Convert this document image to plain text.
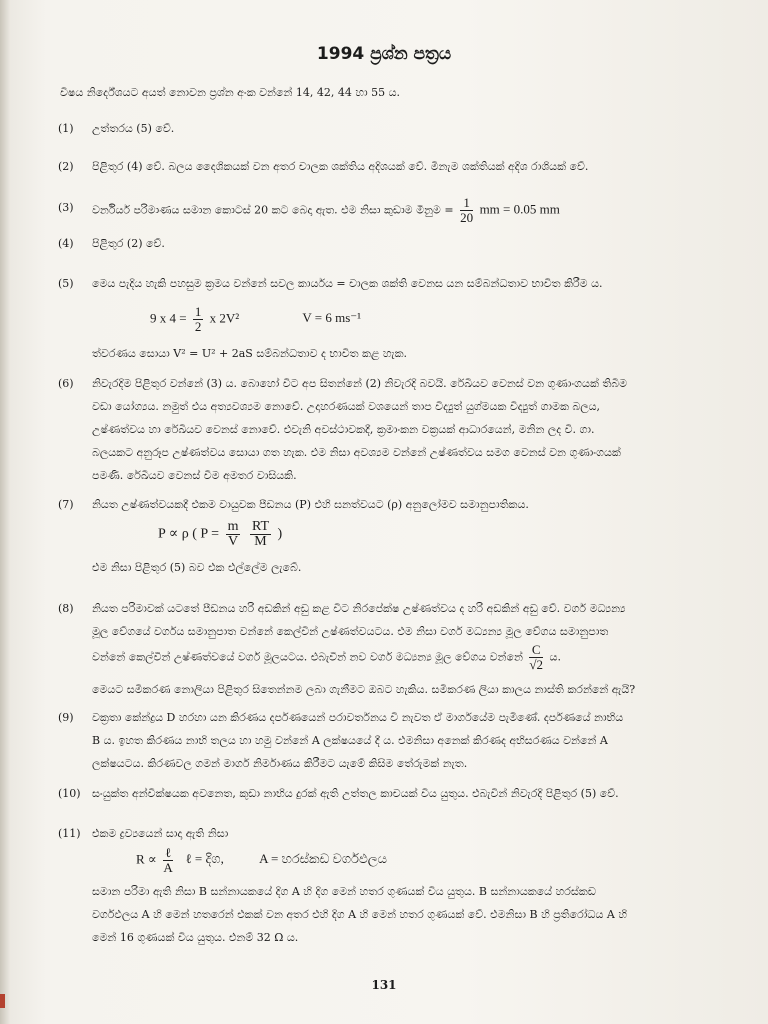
1994 ප්‍රශ්න පත්‍රය
විෂය නිර්දේශයට අයත් නොවන ප්‍රශ්න අංක වන්නේ 14, 42, 44 හා 55 ය.
(1)	උත්තරය (5) වේ.
(2)	පිළිතුර (4) වේ. බලය දෛශිකයක් වන අතර චාලක ශක්තිය අදිශයක් වේ. මීනැම ශක්තියක් අදිශ රාශියක් වේ.
(3)	වර්නියර් පරිමාණය සමාන කොටස් 20 කට බෙදා ඇත. එම නිසා කුඩාම මිනුම = $\frac{1}{20}$ mm = 0.05 mm
(4)	පිළිතුර (2) වේ.
(5)	මෙය පැදිය හැකි පහසුම ක්‍රමය වන්නේ සවල කාර්යය = චාලක ශක්ති වෙනස යන සම්බන්ධතාව භාවිත කිරීම ය.
9 x $4 = \frac{1}{2}$ x 2V²	V = 6 ms⁻¹
ත්වරණය සොයා V² = U² + 2aS සම්බන්ධතාව ද භාවිත කළ හැක.
(6)	නිවැරදිම පිළිතුර වන්නේ (3) ය. බොහෝ විට අප සිතන්නේ (2) නිවැරදි බවයි. රේඛීයව වෙනස් වන ගුණාංගයක් තිබීම
වඩා යෝග්‍යය. නමුත් එය අත්‍යවශ්‍යම නොවේ. උදාහරණයක් වශයෙන් තාප විද්‍යුත් යුග්මයක විද්‍යුත් ගාමක බලය,
උෂ්ණත්වය හා රේඛීයව වෙනස් නොවේ. එවැනි අවස්ථාවකදී, ක්‍රමාංකන වක්‍රයක් ආධාරයෙන්, මනින ලද වි. ගා.
බලයකට අනුරූප උෂ්ණත්වය සොයා ගත හැක. එම නිසා අවශ්‍යම වන්නේ උෂ්ණත්වය සමග වෙනස් වන ගුණාංගයක්
පමණි. රේඛීයව වෙනස් වීම අමතර වාසියකි.
(7)	නියත උෂ්ණත්වයකදී එකම වායුවක පීඩනය (P) එහි ඝනත්වයට (ρ) අනුලෝමව සමානුපාතිකය.
P ∝ ρ ( $P = \frac{m}{V}$
$\frac{RT}{M}$ )
එම නිසා පිළිතුර (5) බව එක එල්ලේම ලැබේ.
(8)	නියත පරිමාවක් යටතේ පීඩනය හරි අඩකින් අඩු කළ විට නිරපේක්ෂ උෂ්ණත්වය ද හරි අඩකින් අඩු වේ. වර්ග මධ්‍යන්‍ය
මූල වේගයේ වර්ගය සමානුපාත වන්නේ කෙල්වින් උෂ්ණත්වයටය. එම නිසා වර්ග මධ්‍යන්‍ය මූල වේගය සමානුපාත
වන්නේ කෙල්වින් උෂ්ණත්වයේ වර්ග මූලයටය. එබැවින් නව වර්ග මධ්‍යන්‍ය මූල වේගය වන්නේ $\frac{C}{√2}$ ය.
මෙයට සමීකරණ නොලියා පිළිතුර සිතෙන්නම ලබා ගැනීමට ඔබට හැකිය. සමීකරණ ලියා කාලය නාස්ති කරන්නේ ඇයි?
(9)	වක්‍රතා කේන්ද්‍රය D හරහා යන කිරණය දර්පණයෙන් පරාවර්තනය වී නැවත ඒ මාර්ගයේම පැමිණේ. දර්පණයේ නාභිය
B ය. ඉහත කිරණය නාභි තලය හා හමු වන්නේ A ලක්ෂයයේ දී ය. එමනිසා අනෙක් කිරණද අභිසරණය වන්නේ A
ලක්ෂයටය. කිරණවල ගමන් මාර්ග නිර්මාණය කිරීමට යැමේ කිසිම තේරුමක් නැත.
(10)	සංයුක්ත අන්වීක්ෂයක අවනෙත, කුඩා නාභිය දුරක් ඇති උත්තල කාචයක් විය යුතුය. එබැවින් නිවැරදි පිළිතුර (5) වේ.
(11)	එකම ද්‍රව්‍යයෙන් සාදා ඇති නිසා
$R \propto \frac{\text{ℓ}}{A}$ ℓ = දිග,	A = හරස්කඩ වර්ගඵලය
සමාන පරිමා ඇති නිසා B සන්නායකයේ දිග A හි දිග මෙන් හතර ගුණයක් විය යුතුය. B සන්නායකයේ හරස්කඩ
වර්ගඵලය A හි මෙන් හතරෙන් එකක් වන අතර එහි දිග A හි මෙන් හතර ගුණයක් වේ. එමනිසා B හි ප්‍රතිරෝධය A හි
මෙන් 16 ගුණයක් විය යුතුය. එනම් 32 Ω ය.
131
